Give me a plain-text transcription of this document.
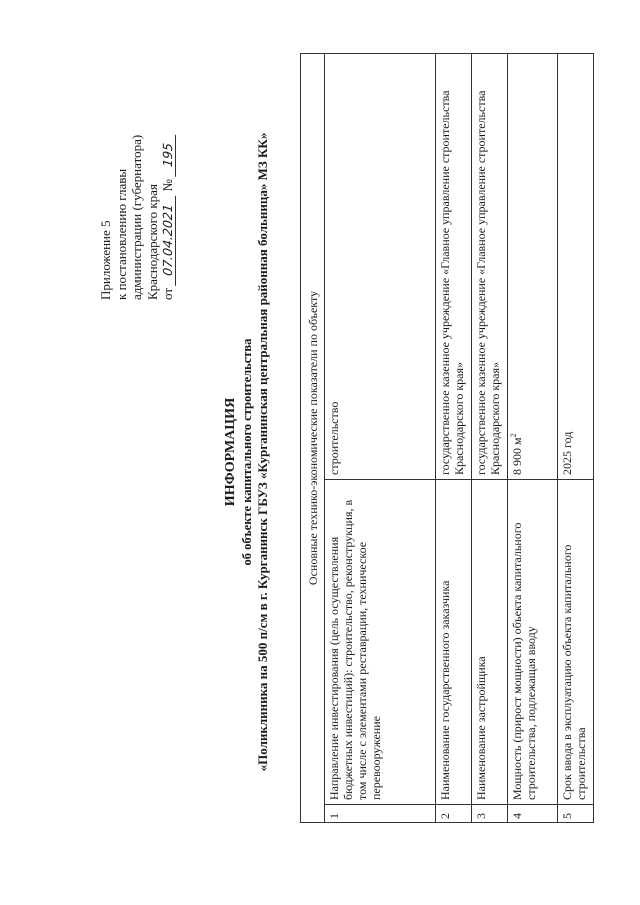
Приложение 5 к постановлению главы администрации (губернатора) Краснодарского края от 07.04.2021 № 195
ИНФОРМАЦИЯ об объекте капитального строительства «Поликлиника на 500 п/см в г. Курганинск ГБУЗ «Курганинская центральная районная больница» МЗ КК»	Основные технико-экономические показатели по объекту		
1	Направление инвестирования (цель осуществления бюджетных инвестиций): строительство, реконструкция, в том числе с элементами реставрации, техническое перевооружение	строительство
2	Наименование государственного заказчика	государственное казенное учреждение «Главное управление строительства Краснодарского края»
3	Наименование застройщика	государственное казенное учреждение «Главное управление строительства Краснодарского края»
4	Мощность (прирост мощности) объекта капитального строительства, подлежащая вводу	8 900 $м^2$
5	Срок ввода в эксплуатацию объекта капитального строительства	2025 год
